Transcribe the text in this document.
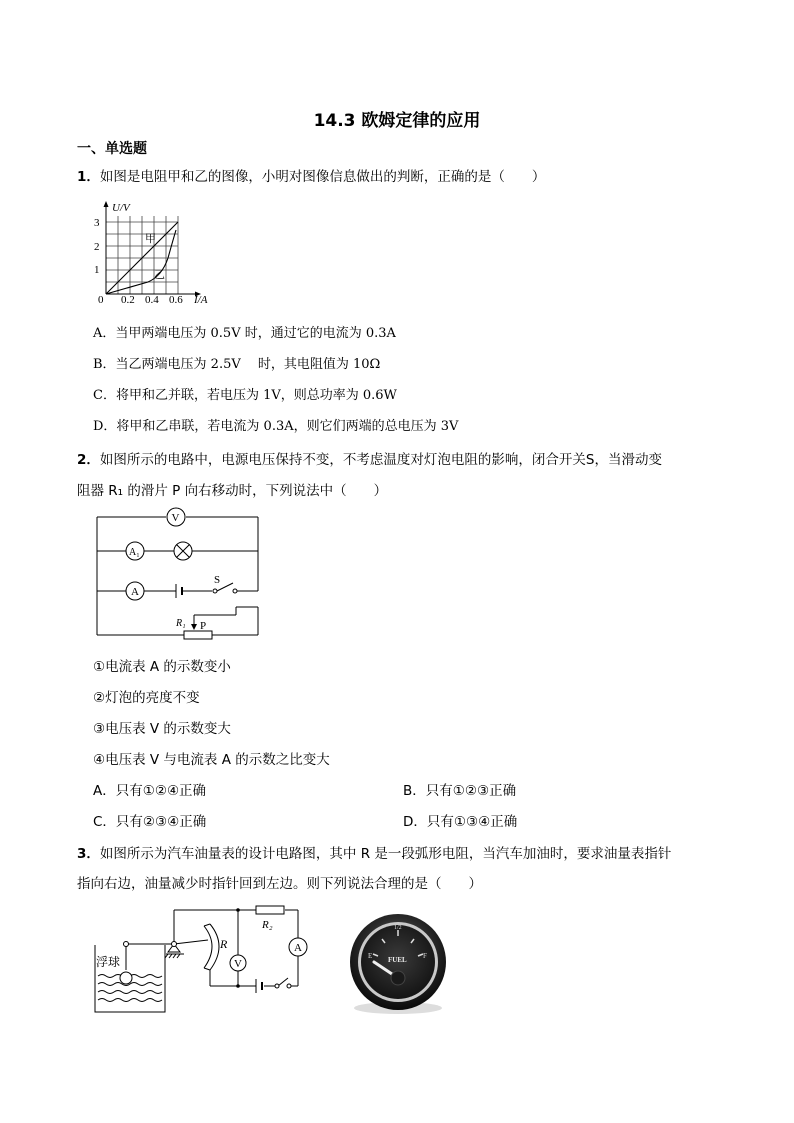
14.3 欧姆定律的应用
一、单选题
1．如图是电阻甲和乙的图像，小明对图像信息做出的判断，正确的是（　　）
U/V
3
2
1
0 0.2 0.4 0.6 I/A
甲
乙
A．当甲两端电压为 0.5V 时，通过它的电流为 0.3A
B．当乙两端电压为 2.5V　 时，其电阻值为 10Ω
C．将甲和乙并联，若电压为 1V，则总功率为 0.6W
D．将甲和乙串联，若电流为 0.3A，则它们两端的总电压为 3V
2．如图所示的电路中，电源电压保持不变，不考虑温度对灯泡电阻的影响，闭合开关S，当滑动变
阻器 R₁ 的滑片 P 向右移动时，下列说法中（　　）
S
V
A₁
A
R₁ P
①电流表 A 的示数变小
②灯泡的亮度不变
③电压表 V 的示数变大
④电压表 V 与电流表 A 的示数之比变大
A．只有①②④正确	B．只有①②③正确
C．只有②③④正确	D．只有①③④正确
3．如图所示为汽车油量表的设计电路图，其中 R 是一段弧形电阻，当汽车加油时，要求油量表指针
指向右边，油量减少时指针回到左边。则下列说法合理的是（　　）
浮球
R₂
R
V
A
E
1/2
F
FUEL
